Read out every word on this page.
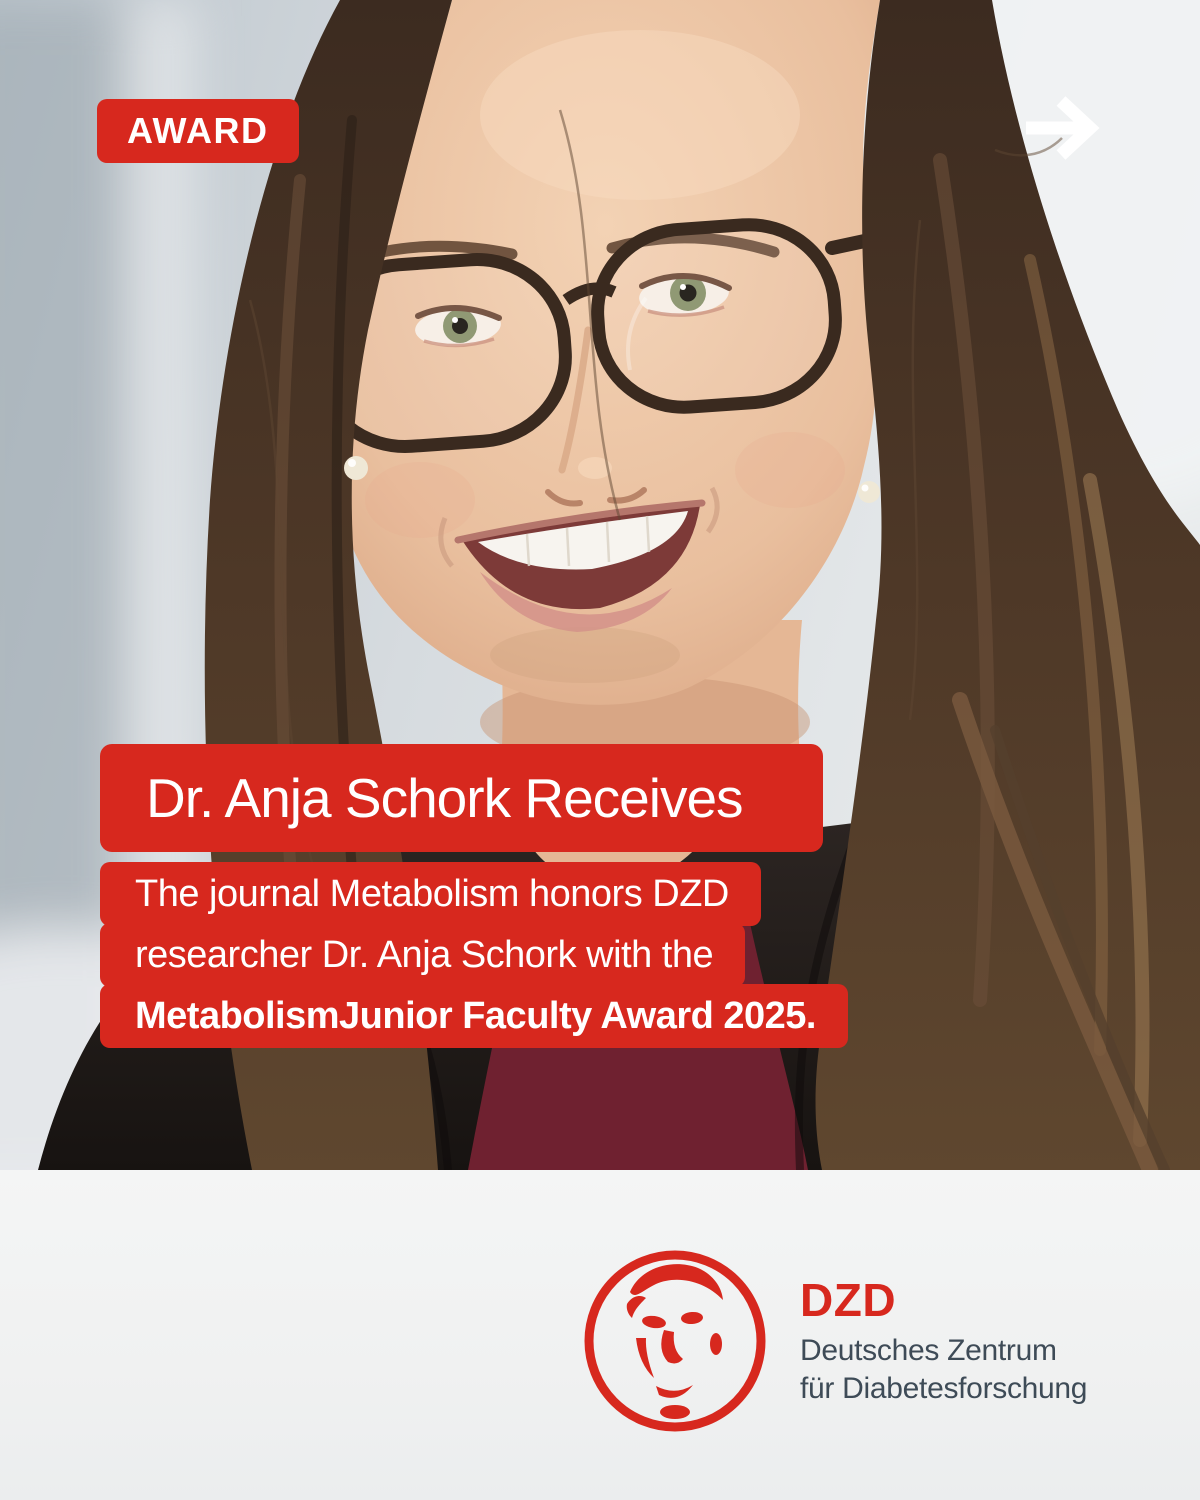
AWARD
Dr. Anja Schork Receives
The journal Metabolism honors DZD
researcher Dr. Anja Schork with the
MetabolismJunior Faculty Award 2025.
DZD
Deutsches Zentrum
für Diabetesforschung
